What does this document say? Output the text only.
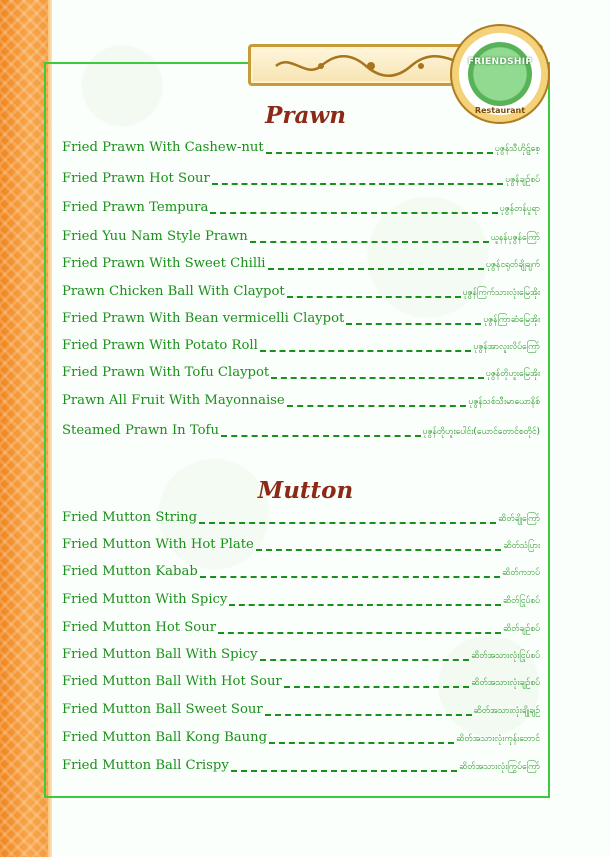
FRIENDSHIP
Restaurant
Prawn
Fried Prawn With Cashew-nut	ပုဇွန်သီဟိုဠ်စေ့
Fried Prawn Hot Sour	ပုဇွန်ချဉ်စပ်
Fried Prawn Tempura	ပုဇွန်တန်ပူရာ
Fried Yuu Nam Style Prawn	ယူနန်ပုဇွန်ကြော်
Fried Prawn With Sweet Chilli	ပုဇွန်ငရုတ်ချိုချက်
Prawn Chicken Ball With Claypot	ပုဇွန်ကြက်သားလုံးမြေအိုး
Fried Prawn With Bean vermicelli Claypot	ပုဇွန်ကြာဆံမြေအိုး
Fried Prawn With Potato Roll	ပုဇွန်အာလူးလိပ်ကြော်
Fried Prawn With Tofu Claypot	ပုဇွန်တိုဟူးမြေအိုး
Prawn All Fruit With Mayonnaise	ပုဇွန်သစ်သီးမာယောနိစ်
Steamed Prawn In Tofu	ပုဇွန်တိုဟူးပေါင်း(ယောင်တောင်စတိုင်)
Mutton
Fried Mutton String	ဆိတ်ချိုကြော်
Fried Mutton With Hot Plate	ဆိတ်သံပြား
Fried Mutton Kabab	ဆိတ်ကဘပ်
Fried Mutton With Spicy	ဆိတ်ငြုပ်စပ်
Fried Mutton Hot Sour	ဆိတ်ချဉ်စပ်
Fried Mutton Ball With Spicy	ဆိတ်အသားလုံးငြုပ်စပ်
Fried Mutton Ball With Hot Sour	ဆိတ်အသားလုံးချဉ်စပ်
Fried Mutton Ball Sweet Sour	ဆိတ်အသားလုံးချိုချဉ်
Fried Mutton Ball Kong Baung	ဆိတ်အသားလုံးကုန်းဘောင်
Fried Mutton Ball Crispy	ဆိတ်အသားလုံးကြွပ်ကြော်
